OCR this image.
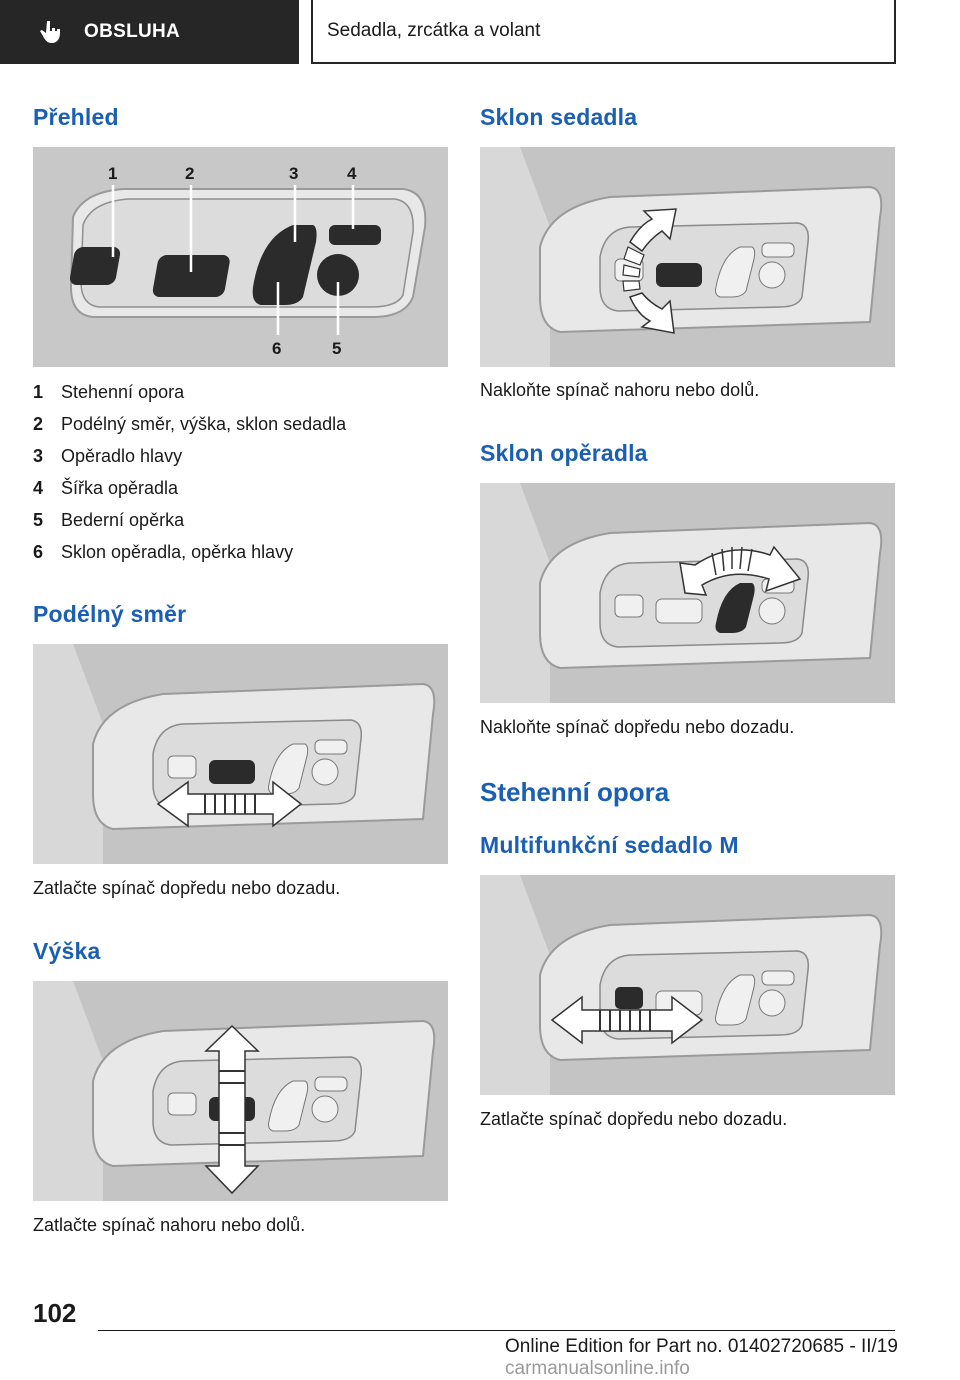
OBSLUHA	Sedadla, zrcátka a volant
Přehled
1	2	3	4
6	5
1 Stehenní opora
2 Podélný směr, výška, sklon sedadla
3 Opěradlo hlavy
4 Šířka opěradla
5 Bederní opěrka
6 Sklon opěradla, opěrka hlavy
Podélný směr

Zatlačte spínač dopředu nebo dozadu.

Výška

Zatlačte spínač nahoru nebo dolů.

Sklon sedadla

Nakloňte spínač nahoru nebo dolů.

Sklon opěradla

Nakloňte spínač dopředu nebo dozadu.

Stehenní opora
Multifunkční sedadlo M

Zatlačte spínač dopředu nebo dozadu.

102
Online Edition for Part no. 01402720685 - II/19 carmanualsonline.info
